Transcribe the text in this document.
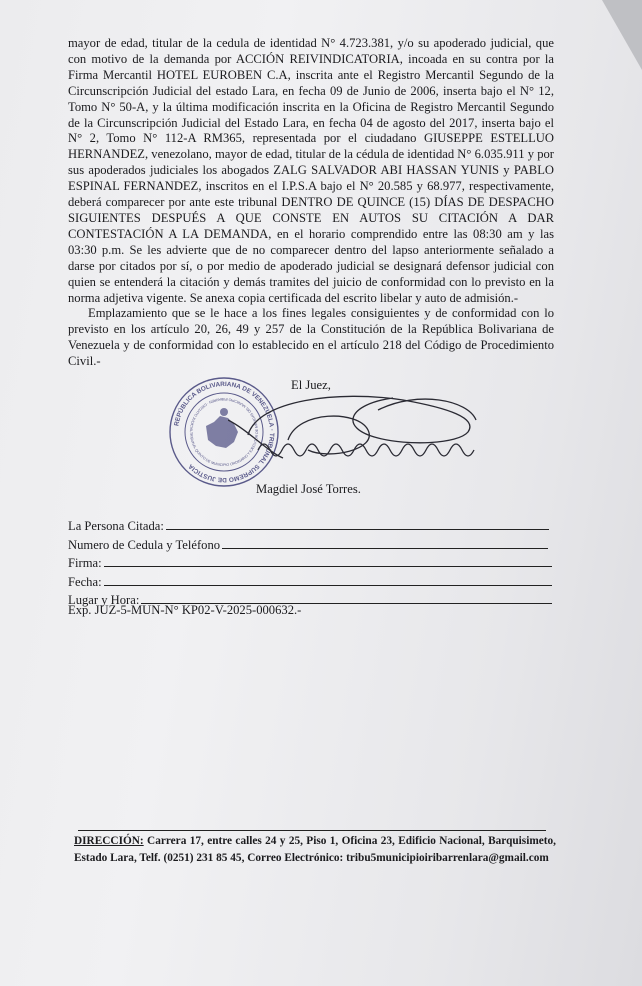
mayor de edad, titular de la cedula de identidad N° 4.723.381, y/o su apoderado judicial, que con motivo de la demanda por ACCIÓN REIVINDICATORIA, incoada en su contra por la Firma Mercantil HOTEL EUROBEN C.A, inscrita ante el Registro Mercantil Segundo de la Circunscripción Judicial del estado Lara, en fecha 09 de Junio de 2006, inserta bajo el N° 12, Tomo N° 50-A, y la última modificación inscrita en la Oficina de Registro Mercantil Segundo de la Circunscripción Judicial del Estado Lara, en fecha 04 de agosto del 2017, inserta bajo el N° 2, Tomo N° 112-A RM365, representada por el ciudadano GIUSEPPE ESTELLUO HERNANDEZ, venezolano, mayor de edad, titular de la cédula de identidad N° 6.035.911 y por sus apoderados judiciales los abogados ZALG SALVADOR ABI HASSAN YUNIS y PABLO ESPINAL FERNANDEZ, inscritos en el I.P.S.A bajo el N° 20.585 y 68.977, respectivamente, deberá comparecer por ante este tribunal DENTRO DE QUINCE (15) DÍAS DE DESPACHO SIGUIENTES DESPUÉS A QUE CONSTE EN AUTOS SU CITACIÓN A DAR CONTESTACIÓN A LA DEMANDA, en el horario comprendido entre las 08:30 am y las 03:30 p.m. Se les advierte que de no comparecer dentro del lapso anteriormente señalado a darse por citados por sí, o por medio de apoderado judicial se designará defensor judicial con quien se entenderá la citación y demás tramites del juicio de conformidad con lo previsto en la norma adjetiva vigente. Se anexa copia certificada del escrito libelar y auto de admisión.-

Emplazamiento que se le hace a los fines legales consiguientes y de conformidad con lo previsto en los artículo 20, 26, 49 y 257 de la Constitución de la República Bolivariana de Venezuela y de conformidad con lo establecido en el artículo 218 del Código de Procedimiento Civil.-

REPÚBLICA BOLIVARIANA DE VENEZUELA · TRIBUNAL SUPREMO DE JUSTICIA
TRIBUNAL QUINTO DE MUNICIPIO ORDINARIO Y EJECUTOR DE MEDIDAS DEL MUNICIPIO IRIBARREN · CIRCUITO JUDICIAL
El Juez,
Magdiel José Torres.
La Persona Citada:
Numero de Cedula y Teléfono
Firma:
Fecha:
Lugar y Hora:
Exp. JUZ-5-MUN-N° KP02-V-2025-000632.-
DIRECCIÓN: Carrera 17, entre calles 24 y 25, Piso 1, Oficina 23, Edificio Nacional, Barquisimeto, Estado Lara, Telf. (0251) 231 85 45, Correo Electrónico: tribu5municipioiribarrenlara@gmail.com
